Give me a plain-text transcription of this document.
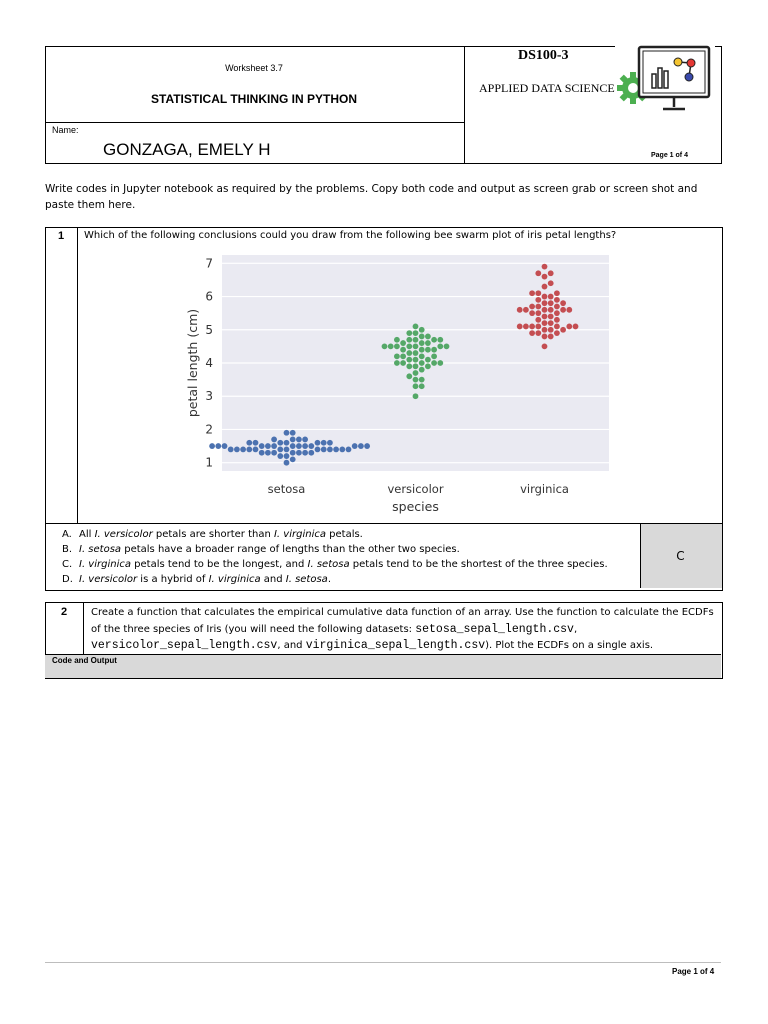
Worksheet 3.7
STATISTICAL THINKING IN PYTHON
Name:
GONZAGA, EMELY H
DS100-3
APPLIED DATA SCIENCE
Page 1 of 4
Write codes in Jupyter notebook as required by the problems. Copy both code and output as screen grab or screen shot and paste them here.
1	Which of the following conclusions could you draw from the following bee swarm plot of iris petal lengths?
1
2
3
4
5
6
7
setosa	versicolor	virginica
species
petal length (cm)
A. All I. versicolor petals are shorter than I. virginica petals.
B. I. setosa petals have a broader range of lengths than the other two species.
C. I. virginica petals tend to be the longest, and I. setosa petals tend to be the shortest of the three species.
D. I. versicolor is a hybrid of I. virginica and I. setosa.
C
2	Create a function that calculates the empirical cumulative data function of an array. Use the function to calculate the ECDFs of the three species of Iris (you will need the following datasets: setosa_sepal_length.csv, versicolor_sepal_length.csv, and virginica_sepal_length.csv). Plot the ECDFs on a single axis.
Code and Output
Page 1 of 4
